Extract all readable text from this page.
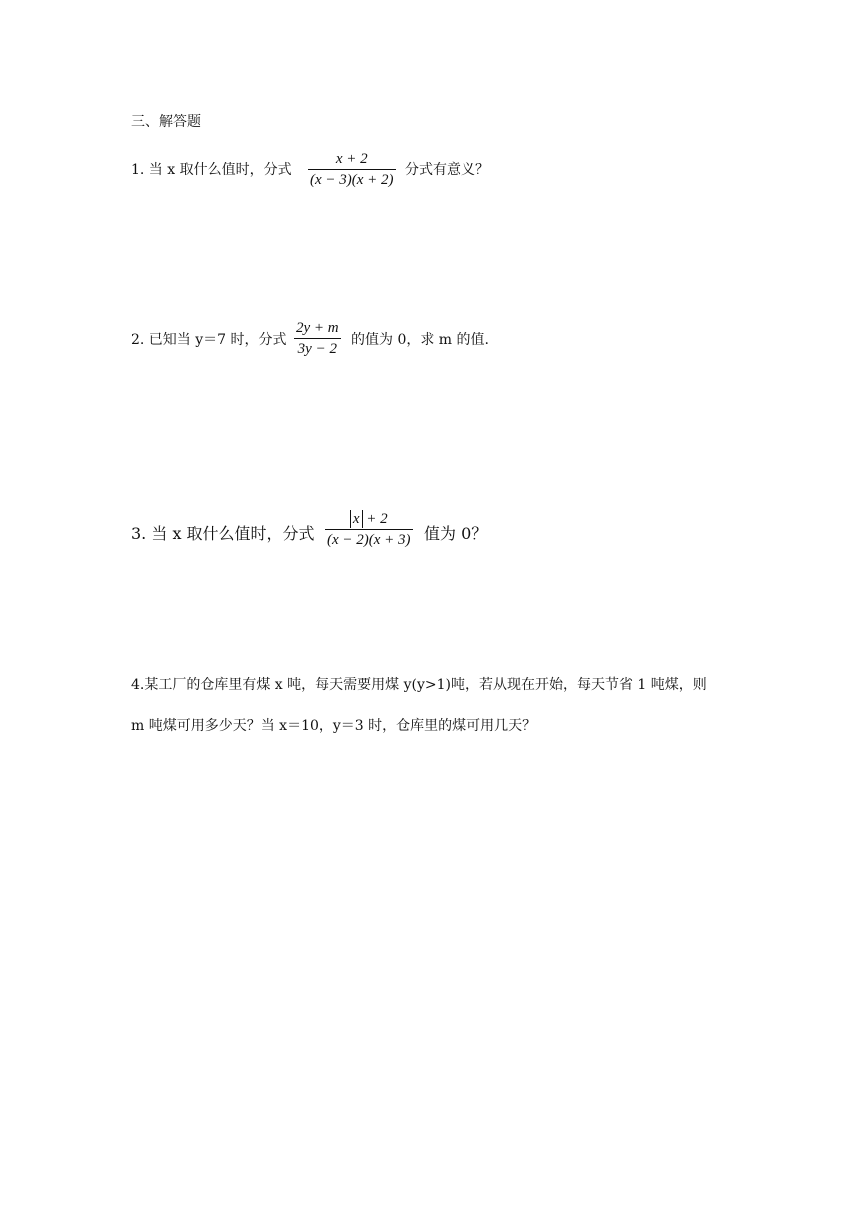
三、解答题
1. 当 x 取什么值时，分式
x + 2
(x − 3)(x + 2)
分式有意义？
2. 已知当 y＝7 时，分式
2y + m
3y − 2
的值为 0，求 m 的值.
3. 当 x 取什么值时，分式
x + 2
(x − 2)(x + 3) 值为 0？
4.某工厂的仓库里有煤 x 吨，每天需要用煤 y(y>1)吨，若从现在开始，每天节省 1 吨煤，则
m 吨煤可用多少天？当 x＝10，y＝3 时，仓库里的煤可用几天？
